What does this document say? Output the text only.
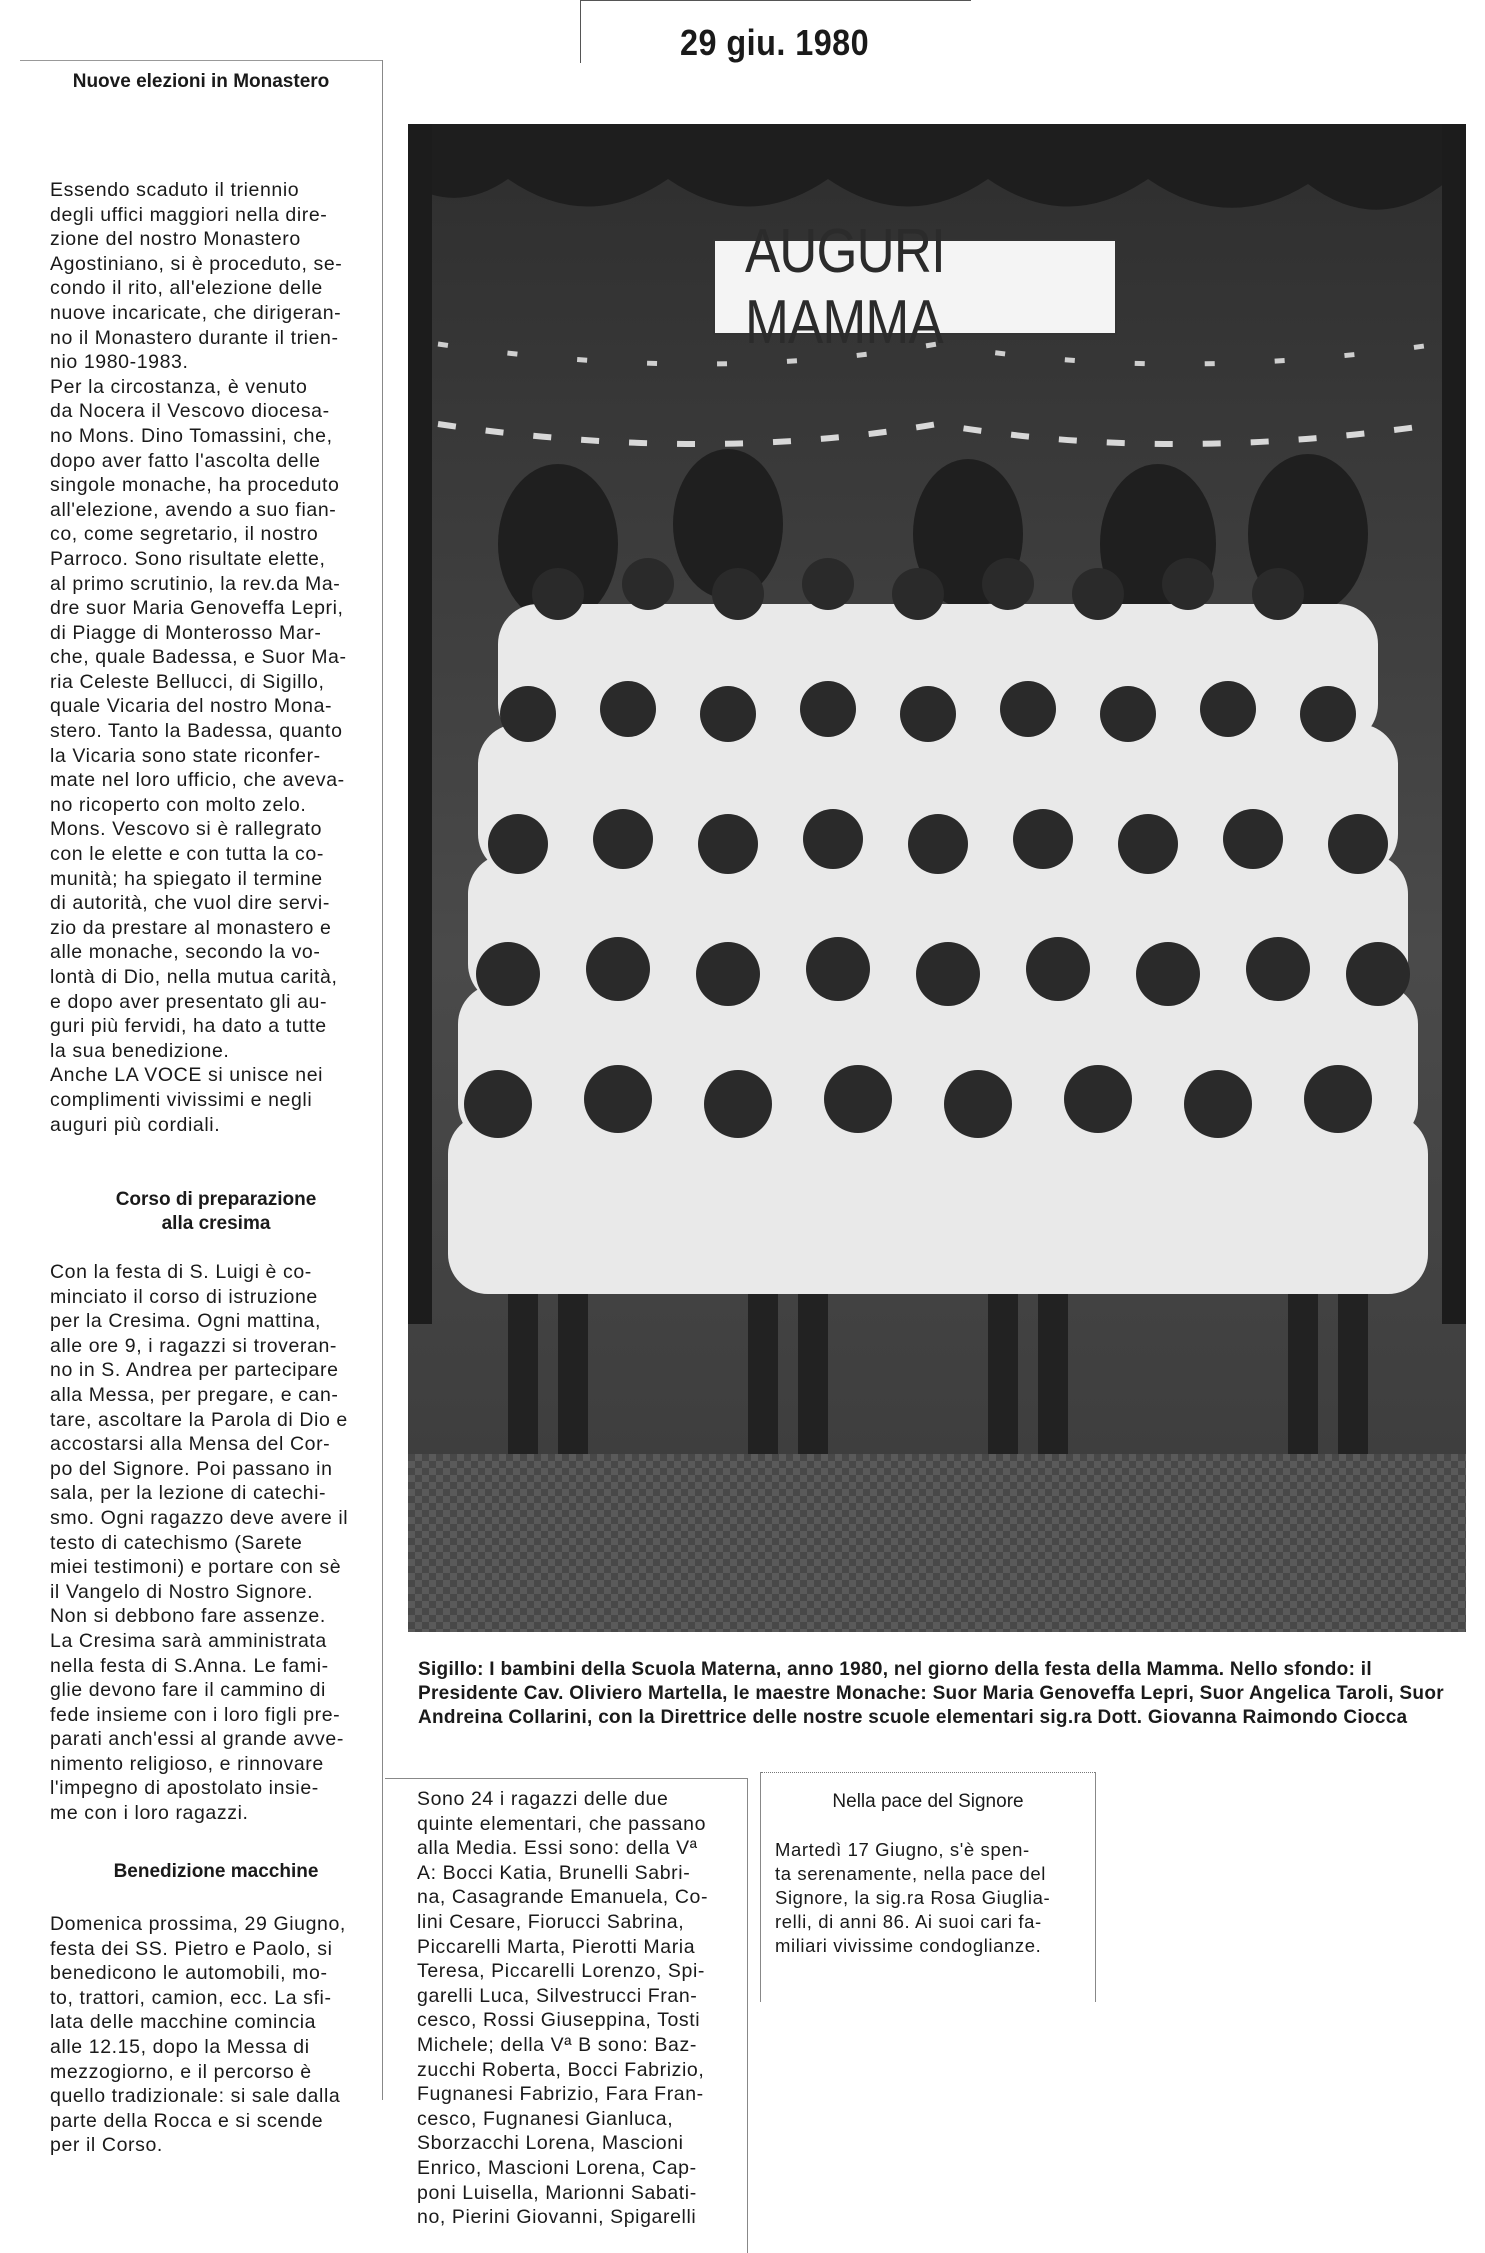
29 giu. 1980

Nuove elezioni in Monastero

Essendo scaduto il triennio
degli uffici maggiori nella dire-
zione del nostro Monastero
Agostiniano, si è proceduto, se-
condo il rito, all'elezione delle
nuove incaricate, che dirigeran-
no il Monastero durante il trien-
nio 1980-1983.
Per la circostanza, è venuto
da Nocera il Vescovo diocesa-
no Mons. Dino Tomassini, che,
dopo aver fatto l'ascolta delle
singole monache, ha proceduto
all'elezione, avendo a suo fian-
co, come segretario, il nostro
Parroco. Sono risultate elette,
al primo scrutinio, la rev.da Ma-
dre suor Maria Genoveffa Lepri,
di Piagge di Monterosso Mar-
che, quale Badessa, e Suor Ma-
ria Celeste Bellucci, di Sigillo,
quale Vicaria del nostro Mona-
stero. Tanto la Badessa, quanto
la Vicaria sono state riconfer-
mate nel loro ufficio, che aveva-
no ricoperto con molto zelo.
Mons. Vescovo si è rallegrato
con le elette e con tutta la co-
munità; ha spiegato il termine
di autorità, che vuol dire servi-
zio da prestare al monastero e
alle monache, secondo la vo-
lontà di Dio, nella mutua carità,
e dopo aver presentato gli au-
guri più fervidi, ha dato a tutte
la sua benedizione.
Anche LA VOCE si unisce nei
complimenti vivissimi e negli
auguri più cordiali.

Corso di preparazione
alla cresima

Con la festa di S. Luigi è co-
minciato il corso di istruzione
per la Cresima. Ogni mattina,
alle ore 9, i ragazzi si troveran-
no in S. Andrea per partecipare
alla Messa, per pregare, e can-
tare, ascoltare la Parola di Dio e
accostarsi alla Mensa del Cor-
po del Signore. Poi passano in
sala, per la lezione di catechi-
smo. Ogni ragazzo deve avere il
testo di catechismo (Sarete
miei testimoni) e portare con sè
il Vangelo di Nostro Signore.
Non si debbono fare assenze.
La Cresima sarà amministrata
nella festa di S.Anna. Le fami-
glie devono fare il cammino di
fede insieme con i loro figli pre-
parati anch'essi al grande avve-
nimento religioso, e rinnovare
l'impegno di apostolato insie-
me con i loro ragazzi.

Benedizione macchine

Domenica prossima, 29 Giugno,
festa dei SS. Pietro e Paolo, si
benedicono le automobili, mo-
to, trattori, camion, ecc. La sfi-
lata delle macchine comincia
alle 12.15, dopo la Messa di
mezzogiorno, e il percorso è
quello tradizionale: si sale dalla
parte della Rocca e si scende
per il Corso.

AUGURI MAMMA

Sigillo: I bambini della Scuola Materna, anno 1980, nel giorno della festa della Mamma. Nello sfondo: il Presidente Cav. Oliviero Martella, le maestre Monache: Suor Maria Genoveffa Lepri, Suor Angelica Taroli, Suor Andreina Collarini, con la Direttrice delle nostre scuole elementari sig.ra Dott. Giovanna Raimondo Ciocca

Sono 24 i ragazzi delle due
quinte elementari, che passano
alla Media. Essi sono: della Vª
A: Bocci Katia, Brunelli Sabri-
na, Casagrande Emanuela, Co-
lini Cesare, Fiorucci Sabrina,
Piccarelli Marta, Pierotti Maria
Teresa, Piccarelli Lorenzo, Spi-
garelli Luca, Silvestrucci Fran-
cesco, Rossi Giuseppina, Tosti
Michele; della Vª B sono: Baz-
zucchi Roberta, Bocci Fabrizio,
Fugnanesi Fabrizio, Fara Fran-
cesco, Fugnanesi Gianluca,
Sborzacchi Lorena, Mascioni
Enrico, Mascioni Lorena, Cap-
poni Luisella, Marionni Sabati-
no, Pierini Giovanni, Spigarelli

Nella pace del Signore

Martedì 17 Giugno, s'è spen-
ta serenamente, nella pace del
Signore, la sig.ra Rosa Giuglia-
relli, di anni 86. Ai suoi cari fa-
miliari vivissime condoglianze.
